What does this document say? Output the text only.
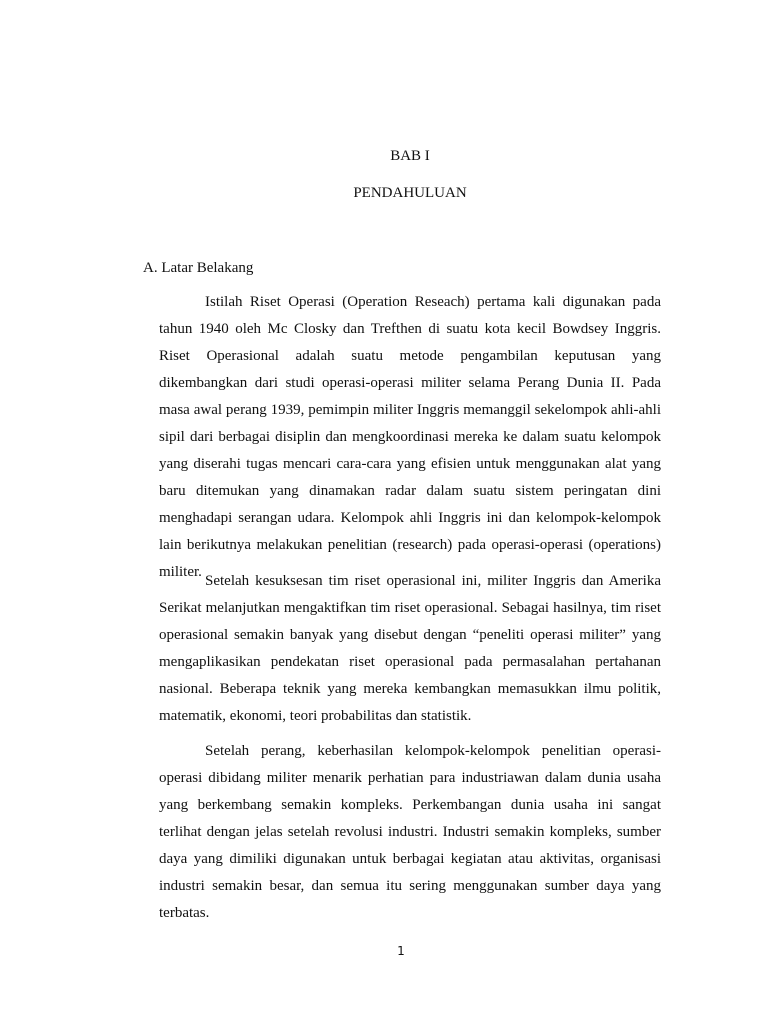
BAB I
PENDAHULUAN
A. Latar Belakang

Istilah Riset Operasi (Operation Reseach) pertama kali digunakan pada tahun 1940 oleh Mc Closky dan Trefthen di suatu kota kecil Bowdsey Inggris. Riset Operasional adalah suatu metode pengambilan keputusan yang dikembangkan dari studi operasi-operasi militer selama Perang Dunia II. Pada masa awal perang 1939, pemimpin militer Inggris memanggil sekelompok ahli-ahli sipil dari berbagai disiplin dan mengkoordinasi mereka ke dalam suatu kelompok yang diserahi tugas mencari cara-cara yang efisien untuk menggunakan alat yang baru ditemukan yang dinamakan radar dalam suatu sistem peringatan dini menghadapi serangan udara. Kelompok ahli Inggris ini dan kelompok-kelompok lain berikutnya melakukan penelitian (research) pada operasi-operasi (operations) militer.

Setelah kesuksesan tim riset operasional ini, militer Inggris dan Amerika Serikat melanjutkan mengaktifkan tim riset operasional. Sebagai hasilnya, tim riset operasional semakin banyak yang disebut dengan “peneliti operasi militer” yang mengaplikasikan pendekatan riset operasional pada permasalahan pertahanan nasional. Beberapa teknik yang mereka kembangkan memasukkan ilmu politik, matematik, ekonomi, teori probabilitas dan statistik.

Setelah perang, keberhasilan kelompok-kelompok penelitian operasi-operasi dibidang militer menarik perhatian para industriawan dalam dunia usaha yang berkembang semakin kompleks. Perkembangan dunia usaha ini sangat terlihat dengan jelas setelah revolusi industri. Industri semakin kompleks, sumber daya yang dimiliki digunakan untuk berbagai kegiatan atau aktivitas, organisasi industri semakin besar, dan semua itu sering menggunakan sumber daya yang terbatas.

1
